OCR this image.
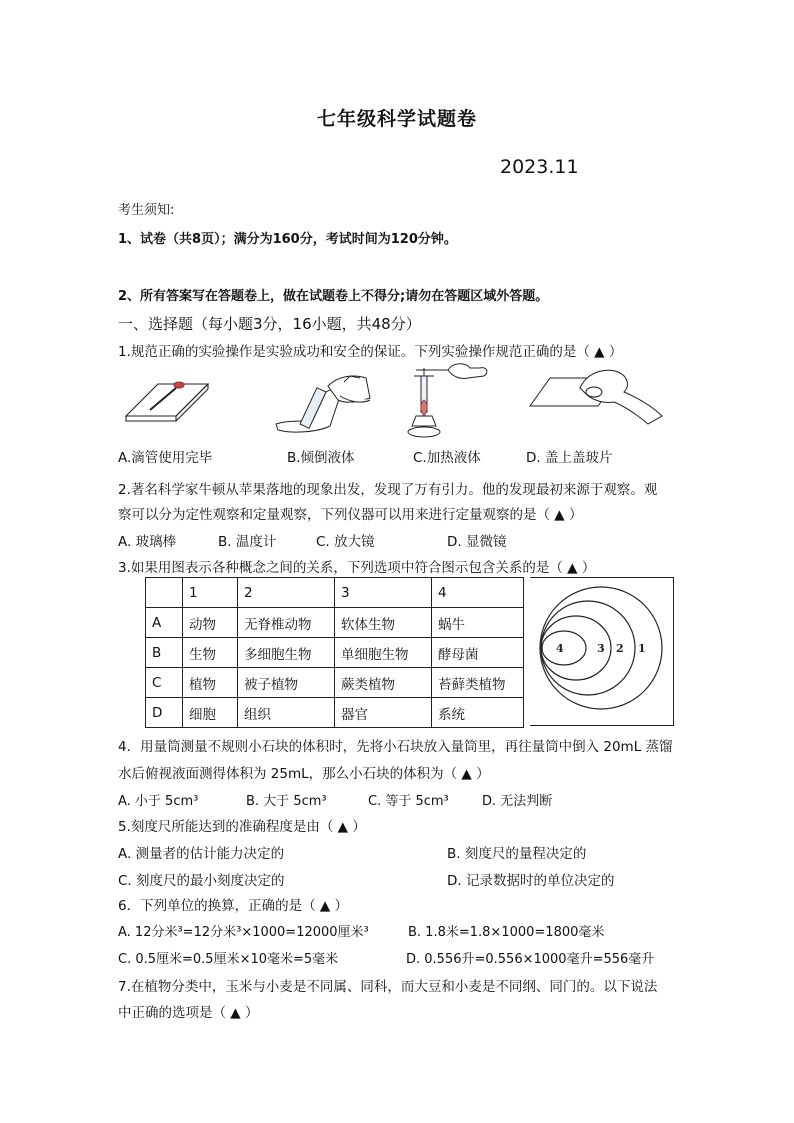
七年级科学试题卷
2023.11
考生须知:
1、试卷（共8页）；满分为160分，考试时间为120分钟。
2、所有答案写在答题卷上，做在试题卷上不得分;请勿在答题区域外答题。
一、选择题（每小题3分，16小题，共48分）
1.规范正确的实验操作是实验成功和安全的保证。下列实验操作规范正确的是（ ▲ ）
A.滴管使用完毕	B.倾倒液体	C.加热液体	D. 盖上盖玻片
2.著名科学家牛顿从苹果落地的现象出发，发现了万有引力。他的发现最初来源于观察。观
察可以分为定性观察和定量观察，下列仪器可以用来进行定量观察的是（ ▲ ）
A. 玻璃棒	B. 温度计	C. 放大镜	D. 显微镜
3.如果用图表示各种概念之间的关系，下列选项中符合图示包含关系的是（ ▲ ）
	1	2	3	4
A	动物	无脊椎动物	软体生物	蜗牛
B	生物	多细胞生物	单细胞生物	酵母菌
C	植物	被子植物	蕨类植物	苔藓类植物
D	细胞	组织	器官	系统
4	3 2 1
4．用量筒测量不规则小石块的体积时，先将小石块放入量筒里，再往量筒中倒入 20mL 蒸馏
水后俯视液面测得体积为 25mL，那么小石块的体积为（ ▲ ）
A. 小于 5cm³	B. 大于 5cm³	C. 等于 5cm³	D. 无法判断
5.刻度尺所能达到的准确程度是由（ ▲ ）
A. 测量者的估计能力决定的	B. 刻度尺的量程决定的
C. 刻度尺的最小刻度决定的	D. 记录数据时的单位决定的
6．下列单位的换算，正确的是（ ▲ ）
A. 12分米³=12分米³×1000=12000厘米³	B. 1.8米=1.8×1000=1800毫米
C. 0.5厘米=0.5厘米×10毫米=5毫米	D. 0.556升=0.556×1000毫升=556毫升
7.在植物分类中，玉米与小麦是不同属、同科，而大豆和小麦是不同纲、同门的。以下说法
中正确的选项是（ ▲ ）
